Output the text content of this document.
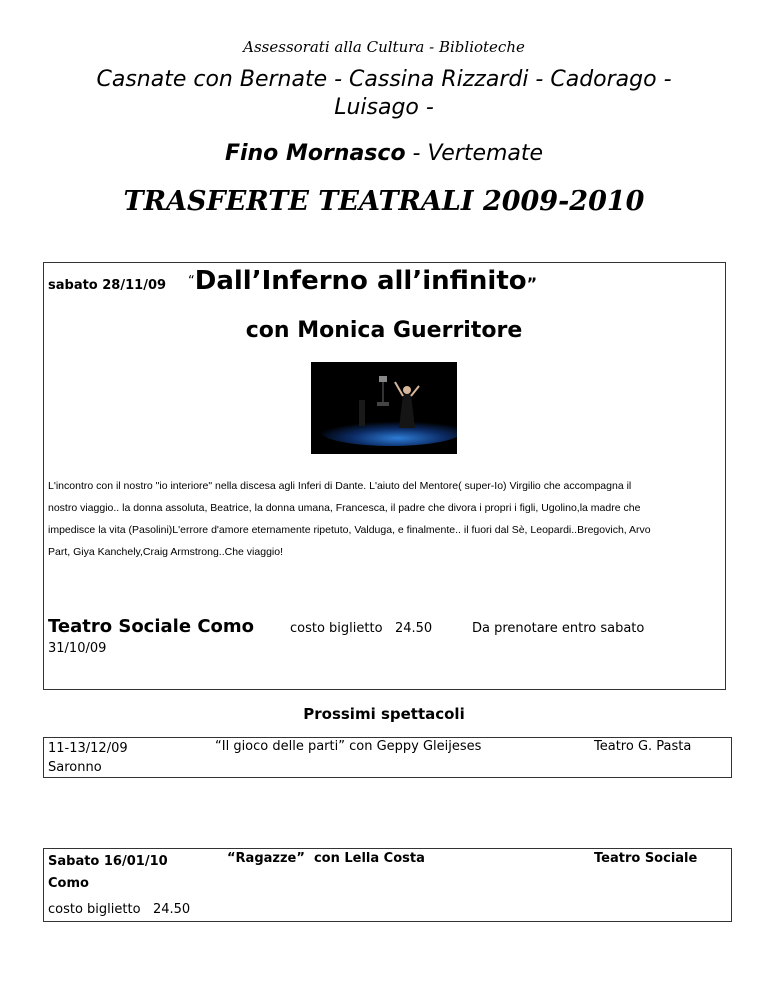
Assessorati alla Cultura - Biblioteche
Casnate con Bernate - Cassina Rizzardi - Cadorago -
Luisago -
Fino Mornasco - Vertemate
TRASFERTE TEATRALI 2009-2010
sabato 28/11/09 “Dall’Inferno all’infinito”
con Monica Guerritore
L'incontro con il nostro "io interiore" nella discesa agli Inferi di Dante. L'aiuto del Mentore( super-Io) Virgilio che accompagna il
nostro viaggio.. la donna assoluta, Beatrice, la donna umana, Francesca, il padre che divora i propri i figli, Ugolino,la madre che
impedisce la vita (Pasolini)L'errore d'amore eternamente ripetuto, Valduga, e finalmente.. il fuori dal Sè, Leopardi..Bregovich, Arvo
Part, Giya Kanchely,Craig Armstrong..Che viaggio!
Teatro Sociale Como	costo biglietto   24.50	Da prenotare entro sabato
31/10/09
Prossimi spettacoli
11-13/12/09
Saronno
“Il gioco delle parti” con Geppy Gleijeses	Teatro G. Pasta
Sabato 16/01/10
Como
“Ragazze”  con Lella Costa	Teatro Sociale
costo biglietto   24.50
